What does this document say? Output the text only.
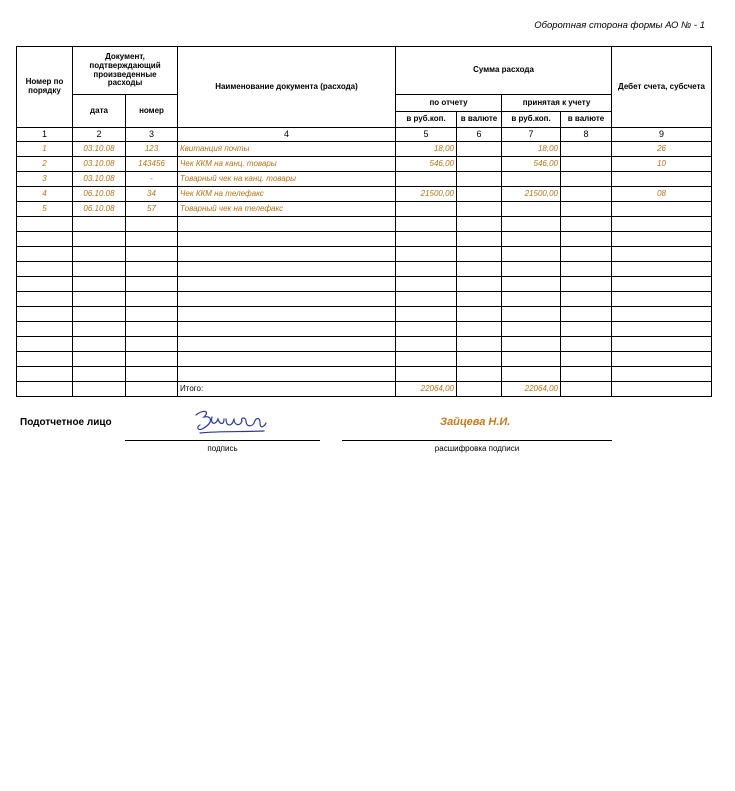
Оборотная сторона формы АО № - 1
Номер по порядку	Документ, подтверждающий произведенные расходы		Наименование документа (расхода)	Сумма расхода				Дебет счета, субсчета
	дата	номер		по отчету		принятая к учету		
				в руб.коп.	в валюте	в руб.коп.	в валюте	
1	2	3	4	5	6	7	8	9
1	03.10.08	123	Квитанция почты	18,00		18,00		26
2	03.10.08	143456	Чек ККМ на канц. товары	546,00		546,00		10
3	03.10.08	-	Товарный чек на канц. товары					
4	06.10.08	34	Чек ККМ на телефакс	21500,00		21500,00		08
5	06.10.08	57	Товарный чек на телефакс					

			Итого:	22064,00		22064,00		
Подотчетное лицо
подпись	расшифровка подписи
Зайцева Н.И.
